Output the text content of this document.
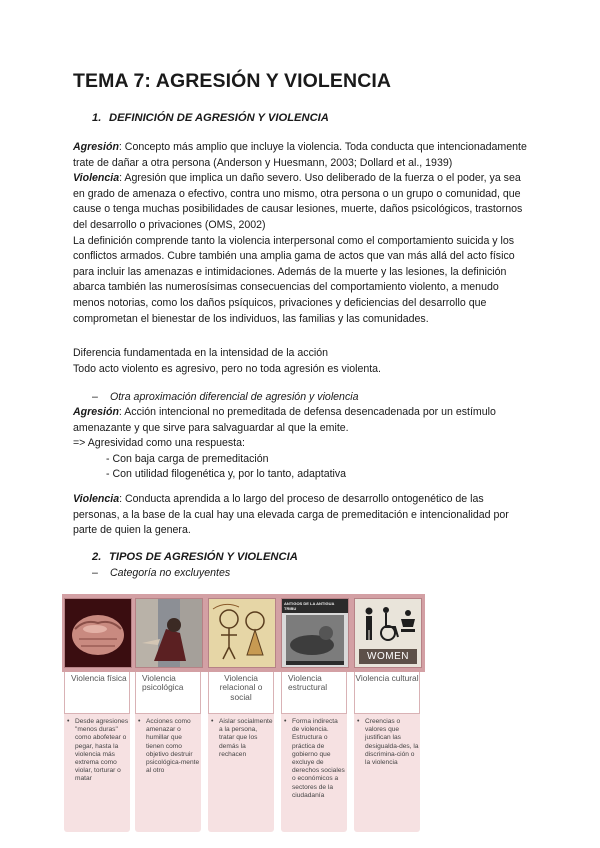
TEMA 7: AGRESIÓN Y VIOLENCIA
1. DEFINICIÓN DE AGRESIÓN Y VIOLENCIA

Agresión: Concepto más amplio que incluye la violencia. Toda conducta que intencionadamente trate de dañar a otra persona (Anderson y Huesmann, 2003; Dollard et al., 1939)

Violencia: Agresión que implica un daño severo. Uso deliberado de la fuerza o el poder, ya sea en grado de amenaza o efectivo, contra uno mismo, otra persona o un grupo o comunidad, que cause o tenga muchas posibilidades de causar lesiones, muerte, daños psicológicos, trastornos del desarrollo o privaciones (OMS, 2002)

La definición comprende tanto la violencia interpersonal como el comportamiento suicida y los conflictos armados. Cubre también una amplia gama de actos que van más allá del acto físico para incluir las amenazas e intimidaciones. Además de la muerte y las lesiones, la definición abarca también las numerosísimas consecuencias del comportamiento violento, a menudo menos notorias, como los daños psíquicos, privaciones y deficiencias del desarrollo que comprometan el bienestar de los individuos, las familias y las comunidades.

Diferencia fundamentada en la intensidad de la acción

Todo acto violento es agresivo, pero no toda agresión es violenta.

– Otra aproximación diferencial de agresión y violencia

Agresión: Acción intencional no premeditada de defensa desencadenada por un estímulo amenazante y que sirve para salvaguardar al que la emite.

=> Agresividad como una respuesta:

- Con baja carga de premeditación

- Con utilidad filogenética y, por lo tanto, adaptativa

Violencia: Conducta aprendida a lo largo del proceso de desarrollo ontogenético de las personas, a la base de la cual hay una elevada carga de premeditación e intencionalidad por parte de quien la genera.

2. TIPOS DE AGRESIÓN Y VIOLENCIA
– Categoría no excluyentes
ANTIGOS DE LA ANTIGUA TRIBU
WOMEN
Violencia física
• Desde agresiones "menos duras" como abofetear o pegar, hasta la violencia más extrema como violar, torturar o matar
Violencia psicológica
• Acciones como amenazar o humillar que tienen como objetivo destruir psicológica-mente al otro
Violencia relacional o social
• Aislar socialmente a la persona, tratar que los demás la rechacen
Violencia estructural
• Forma indirecta de violencia. Estructura o práctica de gobierno que excluye de derechos sociales o económicos a sectores de la ciudadanía
Violencia cultural
• Creencias o valores que justifican las desigualda-des, la discrimina-ción o la violencia
